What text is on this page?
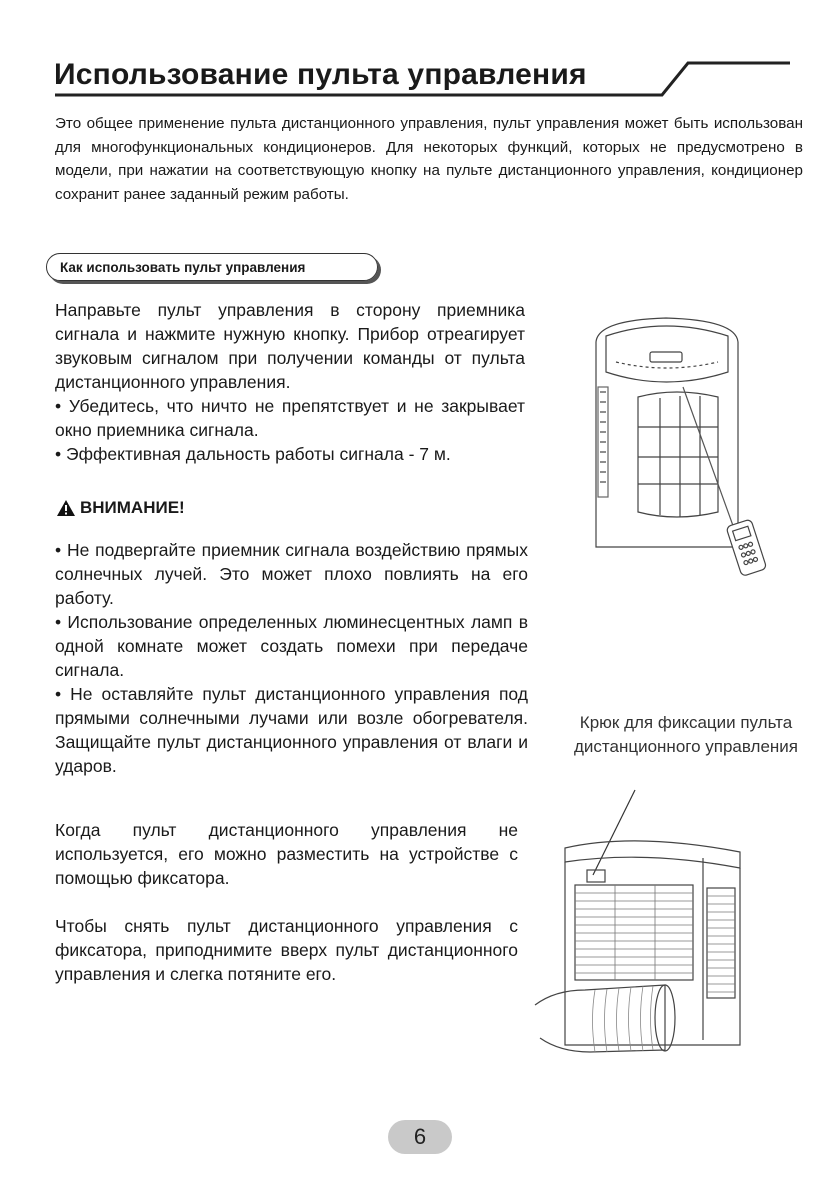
Использование пульта управления
Это общее применение пульта дистанционного управления, пульт управления может быть использован для многофункциональных кондиционеров. Для некоторых функций, которых не предусмотрено в модели, при нажатии на соответствующую кнопку на пульте дистанционного управления, кондиционер сохранит ранее заданный режим работы.
Как использовать пульт управления

Направьте пульт управления в сторону приемника сигнала и нажмите нужную кнопку. Прибор отреагирует звуковым сигналом при получении команды от пульта дистанционного управления.

• Убедитесь, что ничто не препятствует и не закрывает окно приемника сигнала.

• Эффективная дальность работы сигнала - 7 м.

ВНИМАНИЕ!

• Не подвергайте приемник сигнала воздействию прямых солнечных лучей. Это может плохо повлиять на его работу.

• Использование определенных люминесцентных ламп в одной комнате может создать помехи при передаче сигнала.

• Не оставляйте пульт дистанционного управления под прямыми солнечными лучами или возле обогревателя. Защищайте пульт дистанционного управления от влаги и ударов.

Когда пульт дистанционного управления не используется, его можно разместить на устройстве с помощью фиксатора.
Чтобы снять пульт дистанционного управления с фиксатора, приподнимите вверх пульт дистанционного управления и слегка потяните его.
Крюк для фиксации пульта дистанционного управления
6
